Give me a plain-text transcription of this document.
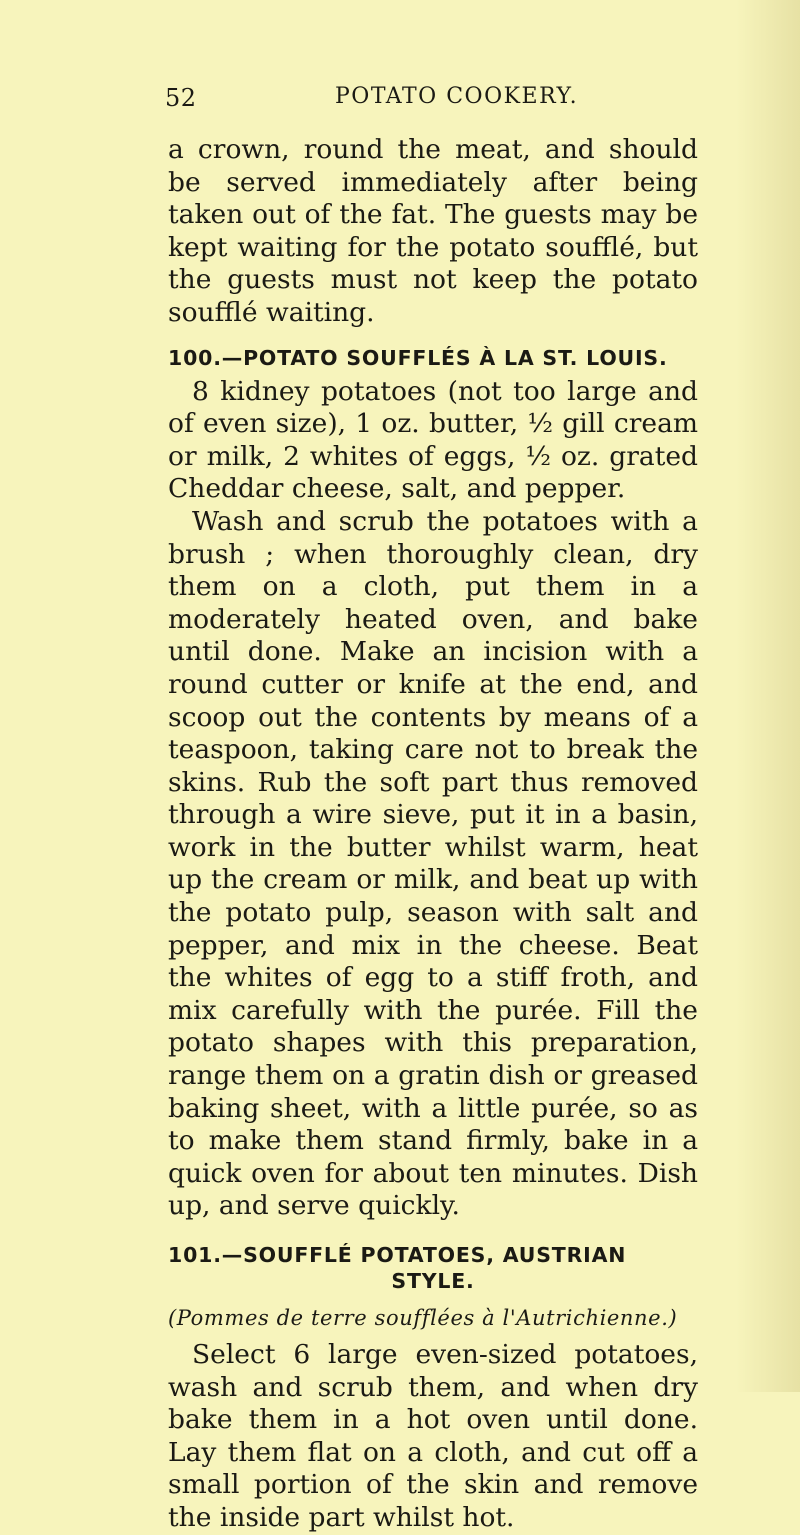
52	POTATO COOKERY.

a crown, round the meat, and should be served immediately after being taken out of the fat. The guests may be kept waiting for the potato soufflé, but the guests must not keep the potato soufflé waiting.

100.—POTATO SOUFFLÉS À LA ST. LOUIS.

8 kidney potatoes (not too large and of even size), 1 oz. butter, ½ gill cream or milk, 2 whites of eggs, ½ oz. grated Cheddar cheese, salt, and pepper.

Wash and scrub the potatoes with a brush ; when thoroughly clean, dry them on a cloth, put them in a moderately heated oven, and bake until done. Make an incision with a round cutter or knife at the end, and scoop out the contents by means of a teaspoon, taking care not to break the skins. Rub the soft part thus removed through a wire sieve, put it in a basin, work in the butter whilst warm, heat up the cream or milk, and beat up with the potato pulp, season with salt and pepper, and mix in the cheese. Beat the whites of egg to a stiff froth, and mix carefully with the purée. Fill the potato shapes with this preparation, range them on a gratin dish or greased baking sheet, with a little purée, so as to make them stand firmly, bake in a quick oven for about ten minutes. Dish up, and serve quickly.

101.—SOUFFLÉ POTATOES, AUSTRIAN
STYLE.

(Pommes de terre soufflées à l'Autrichienne.)

Select 6 large even-sized potatoes, wash and scrub them, and when dry bake them in a hot oven until done. Lay them flat on a cloth, and cut off a small portion of the skin and remove the inside part whilst hot.
